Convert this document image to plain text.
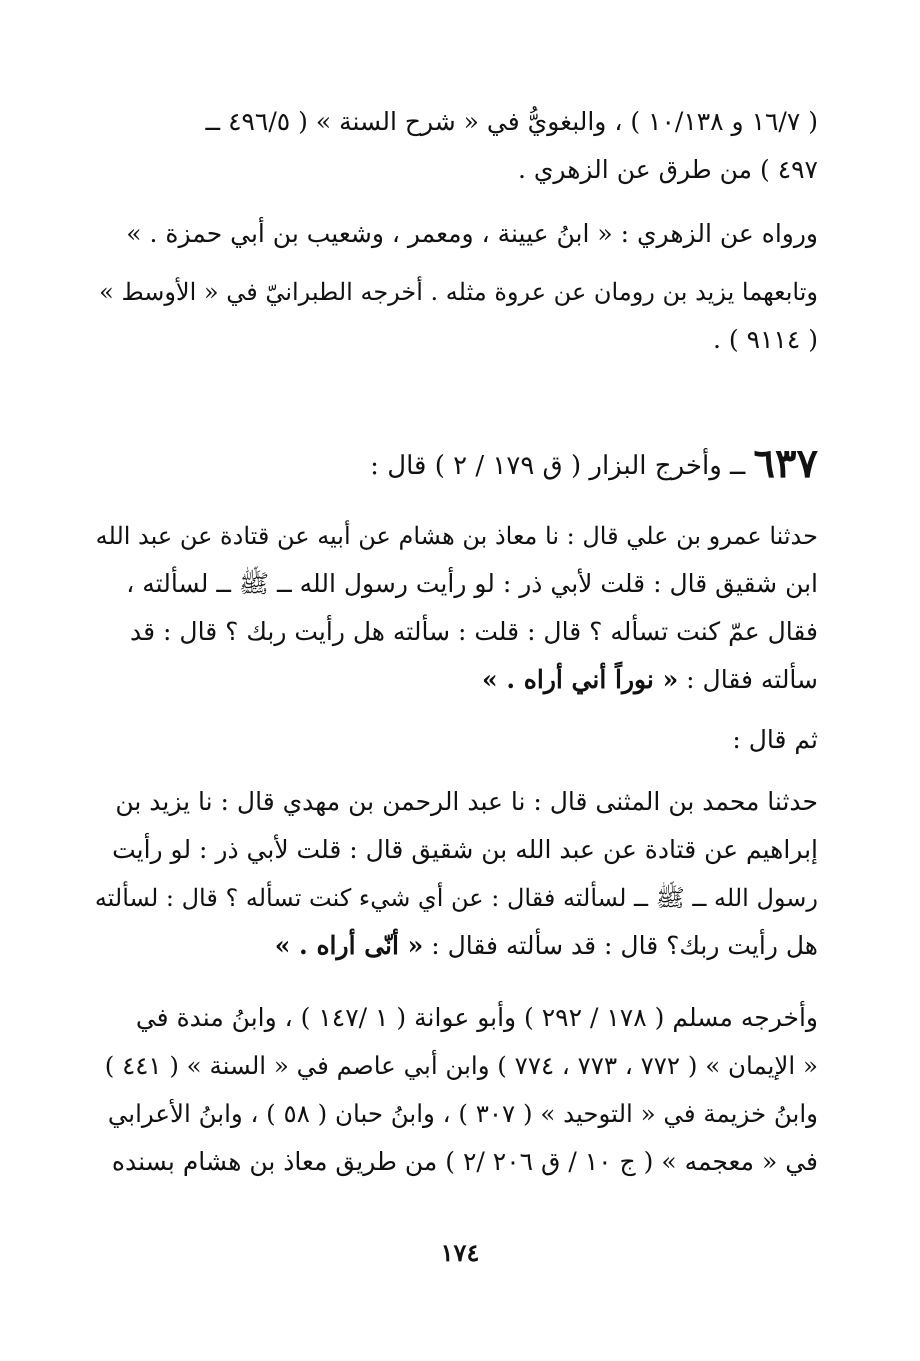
( ١٦/٧ و ١٠/١٣٨ ) ، والبغويُّ في « شرح السنة » ( ٤٩٦/٥ ــ
٤٩٧ ) من طرق عن الزهري .
ورواه عن الزهري : « ابنُ عيينة ، ومعمر ، وشعيب بن أبي حمزة . »
وتابعهما يزيد بن رومان عن عروة مثله . أخرجه الطبرانيّ في « الأوسط »
( ٩١١٤ ) .
٦٣٧ ــ وأخرج البزار ( ق ١٧٩ / ٢ ) قال :
حدثنا عمرو بن علي قال : نا معاذ بن هشام عن أبيه عن قتادة عن عبد الله
ابن شقيق قال : قلت لأبي ذر : لو رأيت رسول الله ــ ﷺ ــ لسألته ،
فقال عمّ كنت تسأله ؟ قال : قلت : سألته هل رأيت ربك ؟ قال : قد
سألته فقال : « نوراً أني أراه . »
ثم قال :
حدثنا محمد بن المثنى قال : نا عبد الرحمن بن مهدي قال : نا يزيد بن
إبراهيم عن قتادة عن عبد الله بن شقيق قال : قلت لأبي ذر : لو رأيت
رسول الله ــ ﷺ ــ لسألته فقال : عن أي شيء كنت تسأله ؟ قال : لسألته
هل رأيت ربك؟ قال : قد سألته فقال : « أنّى أراه . »
وأخرجه مسلم ( ١٧٨ / ٢٩٢ ) وأبو عوانة ( ١ /١٤٧ ) ، وابنُ مندة في
« الإيمان » ( ٧٧٢ ، ٧٧٣ ، ٧٧٤ ) وابن أبي عاصم في « السنة » ( ٤٤١ )
وابنُ خزيمة في « التوحيد » ( ٣٠٧ ) ، وابنُ حبان ( ٥٨ ) ، وابنُ الأعرابي
في « معجمه » ( ج ١٠ / ق ٢٠٦ /٢ ) من طريق معاذ بن هشام بسنده
١٧٤
